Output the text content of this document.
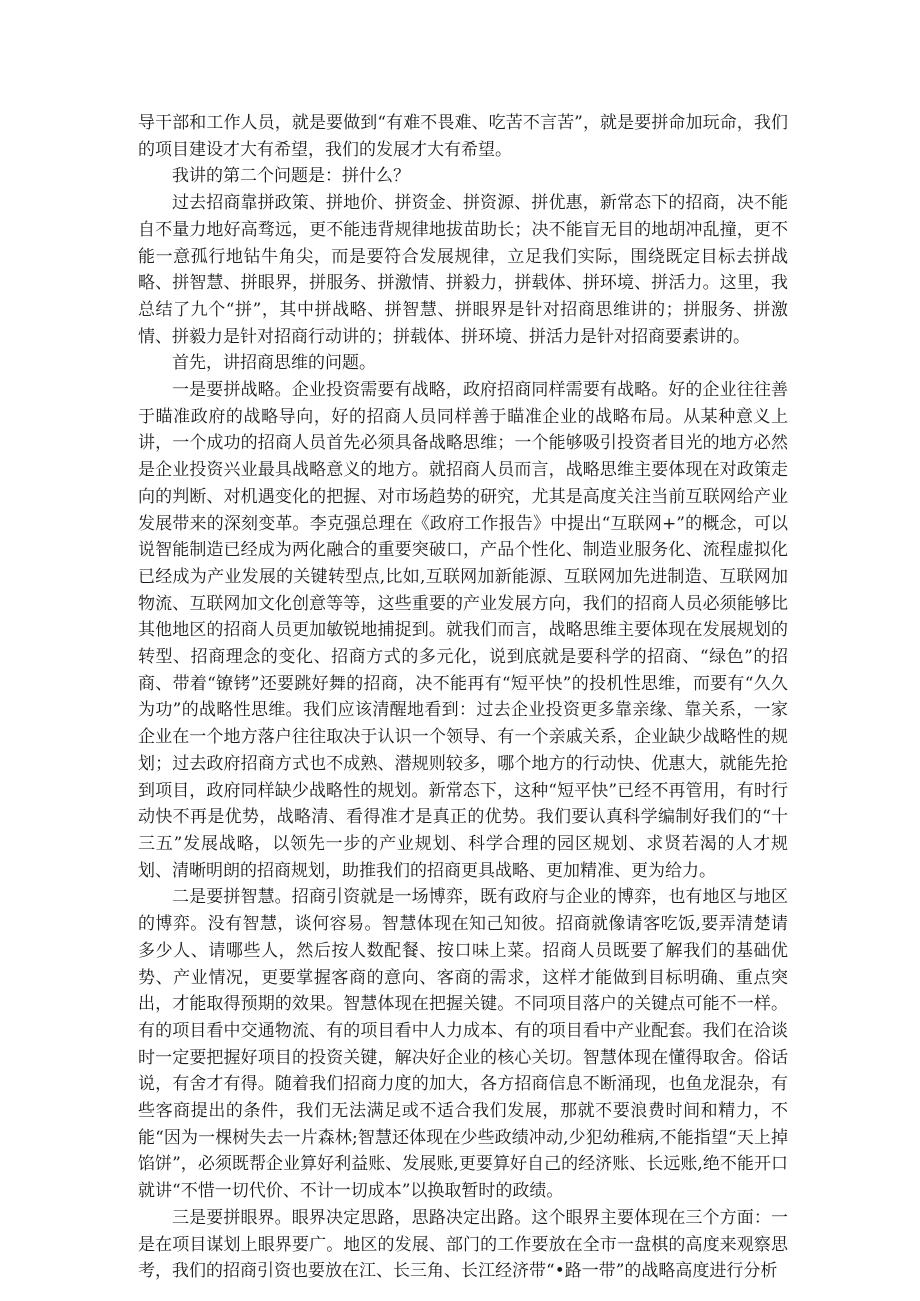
导干部和工作人员，就是要做到“有难不畏难、吃苦不言苦”，就是要拼命加玩命，我们的项目建设才大有希望，我们的发展才大有希望。

我讲的第二个问题是：拼什么？

过去招商靠拼政策、拼地价、拼资金、拼资源、拼优惠，新常态下的招商，决不能自不量力地好高骛远，更不能违背规律地拔苗助长；决不能盲无目的地胡冲乱撞，更不能一意孤行地钻牛角尖，而是要符合发展规律，立足我们实际，围绕既定目标去拼战略、拼智慧、拼眼界，拼服务、拼激情、拼毅力，拼载体、拼环境、拼活力。这里，我总结了九个“拼”，其中拼战略、拼智慧、拼眼界是针对招商思维讲的；拼服务、拼激情、拼毅力是针对招商行动讲的；拼载体、拼环境、拼活力是针对招商要素讲的。

首先，讲招商思维的问题。

一是要拼战略。企业投资需要有战略，政府招商同样需要有战略。好的企业往往善于瞄准政府的战略导向，好的招商人员同样善于瞄准企业的战略布局。从某种意义上讲，一个成功的招商人员首先必须具备战略思维；一个能够吸引投资者目光的地方必然是企业投资兴业最具战略意义的地方。就招商人员而言，战略思维主要体现在对政策走向的判断、对机遇变化的把握、对市场趋势的研究，尤其是高度关注当前互联网给产业发展带来的深刻变革。李克强总理在《政府工作报告》中提出“互联网+”的概念，可以说智能制造已经成为两化融合的重要突破口，产品个性化、制造业服务化、流程虚拟化已经成为产业发展的关键转型点,比如,互联网加新能源、互联网加先进制造、互联网加物流、互联网加文化创意等等，这些重要的产业发展方向，我们的招商人员必须能够比其他地区的招商人员更加敏锐地捕捉到。就我们而言，战略思维主要体现在发展规划的转型、招商理念的变化、招商方式的多元化，说到底就是要科学的招商、“绿色”的招商、带着“镣铐”还要跳好舞的招商，决不能再有“短平快”的投机性思维，而要有“久久为功”的战略性思维。我们应该清醒地看到：过去企业投资更多靠亲缘、靠关系，一家企业在一个地方落户往往取决于认识一个领导、有一个亲戚关系，企业缺少战略性的规划；过去政府招商方式也不成熟、潜规则较多，哪个地方的行动快、优惠大，就能先抢到项目，政府同样缺少战略性的规划。新常态下，这种“短平快”已经不再管用，有时行动快不再是优势，战略清、看得准才是真正的优势。我们要认真科学编制好我们的“十三五”发展战略，以领先一步的产业规划、科学合理的园区规划、求贤若渴的人才规划、清晰明朗的招商规划，助推我们的招商更具战略、更加精准、更为给力。

二是要拼智慧。招商引资就是一场博弈，既有政府与企业的博弈，也有地区与地区的博弈。没有智慧，谈何容易。智慧体现在知己知彼。招商就像请客吃饭,要弄清楚请多少人、请哪些人，然后按人数配餐、按口味上菜。招商人员既要了解我们的基础优势、产业情况，更要掌握客商的意向、客商的需求，这样才能做到目标明确、重点突出，才能取得预期的效果。智慧体现在把握关键。不同项目落户的关键点可能不一样。有的项目看中交通物流、有的项目看中人力成本、有的项目看中产业配套。我们在洽谈时一定要把握好项目的投资关键，解决好企业的核心关切。智慧体现在懂得取舍。俗话说，有舍才有得。随着我们招商力度的加大，各方招商信息不断涌现，也鱼龙混杂，有些客商提出的条件，我们无法满足或不适合我们发展，那就不要浪费时间和精力，不能“因为一棵树失去一片森林;智慧还体现在少些政绩冲动,少犯幼稚病,不能指望“天上掉馅饼”，必须既帮企业算好利益账、发展账,更要算好自己的经济账、长远账,绝不能开口就讲“不惜一切代价、不计一切成本”以换取暂时的政绩。

三是要拼眼界。眼界决定思路，思路决定出路。这个眼界主要体现在三个方面：一是在项目谋划上眼界要广。地区的发展、部门的工作要放在全市一盘棋的高度来观察思考，我们的招商引资也要放在江、长三角、长江经济带“•路一带”的战略高度进行分析
